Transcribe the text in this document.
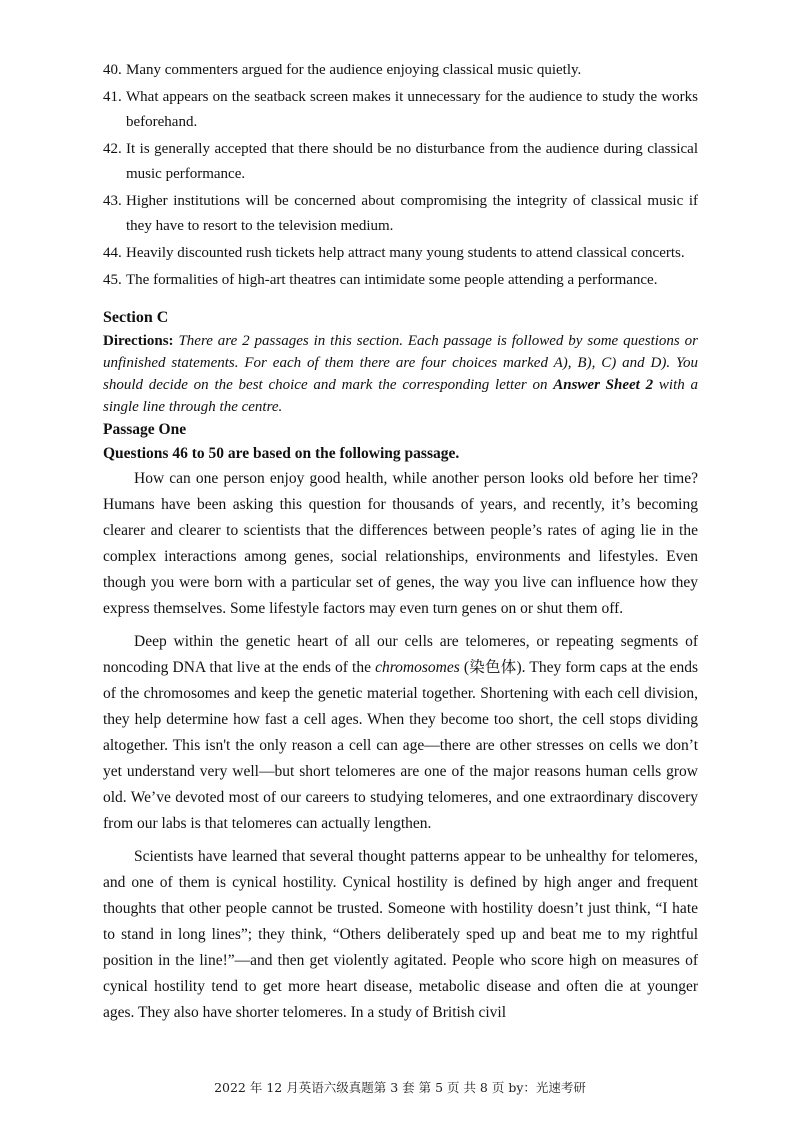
40. Many commenters argued for the audience enjoying classical music quietly.
41. What appears on the seatback screen makes it unnecessary for the audience to study the works beforehand.
42. It is generally accepted that there should be no disturbance from the audience during classical music performance.
43. Higher institutions will be concerned about compromising the integrity of classical music if they have to resort to the television medium.
44. Heavily discounted rush tickets help attract many young students to attend classical concerts.
45. The formalities of high-art theatres can intimidate some people attending a performance.
Section C
Directions: There are 2 passages in this section. Each passage is followed by some questions or unfinished statements. For each of them there are four choices marked A), B), C) and D). You should decide on the best choice and mark the corresponding letter on Answer Sheet 2 with a single line through the centre.
Passage One
Questions 46 to 50 are based on the following passage.

How can one person enjoy good health, while another person looks old before her time? Humans have been asking this question for thousands of years, and recently, it’s becoming clearer and clearer to scientists that the differences between people’s rates of aging lie in the complex interactions among genes, social relationships, environments and lifestyles. Even though you were born with a particular set of genes, the way you live can influence how they express themselves. Some lifestyle factors may even turn genes on or shut them off.

Deep within the genetic heart of all our cells are telomeres, or repeating segments of noncoding DNA that live at the ends of the chromosomes (染色体). They form caps at the ends of the chromosomes and keep the genetic material together. Shortening with each cell division, they help determine how fast a cell ages. When they become too short, the cell stops dividing altogether. This isn't the only reason a cell can age—there are other stresses on cells we don’t yet understand very well—but short telomeres are one of the major reasons human cells grow old. We’ve devoted most of our careers to studying telomeres, and one extraordinary discovery from our labs is that telomeres can actually lengthen.

Scientists have learned that several thought patterns appear to be unhealthy for telomeres, and one of them is cynical hostility. Cynical hostility is defined by high anger and frequent thoughts that other people cannot be trusted. Someone with hostility doesn’t just think, “I hate to stand in long lines”; they think, “Others deliberately sped up and beat me to my rightful position in the line!”—and then get violently agitated. People who score high on measures of cynical hostility tend to get more heart disease, metabolic disease and often die at younger ages. They also have shorter telomeres. In a study of British civil

2022 年 12 月英语六级真题第 3 套 第 5 页 共 8 页 by：光速考研
